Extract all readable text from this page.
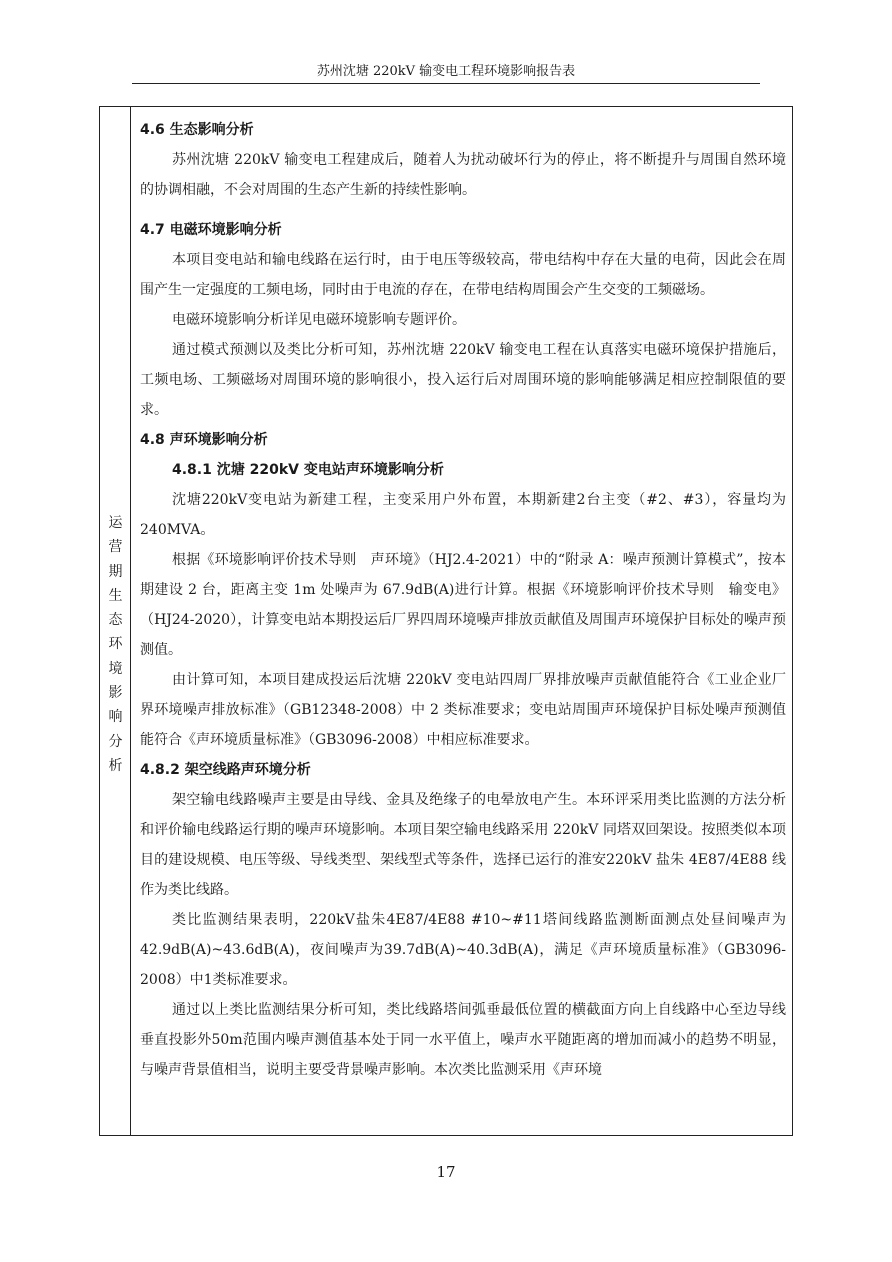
苏州沈塘 220kV 输变电工程环境影响报告表
运
营
期
生
态
环
境
影
响
分
析
4.6 生态影响分析

苏州沈塘 220kV 输变电工程建成后，随着人为扰动破坏行为的停止，将不断提升与周围自然环境的协调相融，不会对周围的生态产生新的持续性影响。

4.7 电磁环境影响分析

本项目变电站和输电线路在运行时，由于电压等级较高，带电结构中存在大量的电荷，因此会在周围产生一定强度的工频电场，同时由于电流的存在，在带电结构周围会产生交变的工频磁场。

电磁环境影响分析详见电磁环境影响专题评价。

通过模式预测以及类比分析可知，苏州沈塘 220kV 输变电工程在认真落实电磁环境保护措施后，工频电场、工频磁场对周围环境的影响很小，投入运行后对周围环境的影响能够满足相应控制限值的要求。

4.8 声环境影响分析
4.8.1 沈塘 220kV 变电站声环境影响分析

沈塘220kV变电站为新建工程，主变采用户外布置，本期新建2台主变（#2、#3），容量均为240MVA。

根据《环境影响评价技术导则　声环境》（HJ2.4-2021）中的“附录 A：噪声预测计算模式”，按本期建设 2 台，距离主变 1m 处噪声为 67.9dB(A)进行计算。根据《环境影响评价技术导则　输变电》（HJ24-2020），计算变电站本期投运后厂界四周环境噪声排放贡献值及周围声环境保护目标处的噪声预测值。

由计算可知，本项目建成投运后沈塘 220kV 变电站四周厂界排放噪声贡献值能符合《工业企业厂界环境噪声排放标准》（GB12348-2008）中 2 类标准要求；变电站周围声环境保护目标处噪声预测值能符合《声环境质量标准》（GB3096-2008）中相应标准要求。

4.8.2 架空线路声环境分析

架空输电线路噪声主要是由导线、金具及绝缘子的电晕放电产生。本环评采用类比监测的方法分析和评价输电线路运行期的噪声环境影响。本项目架空输电线路采用 220kV 同塔双回架设。按照类似本项目的建设规模、电压等级、导线类型、架线型式等条件，选择已运行的淮安220kV 盐朱 4E87/4E88 线作为类比线路。

类比监测结果表明，220kV盐朱4E87/4E88 #10~#11塔间线路监测断面测点处昼间噪声为42.9dB(A)~43.6dB(A)，夜间噪声为39.7dB(A)~40.3dB(A)，满足《声环境质量标准》（GB3096-2008）中1类标准要求。

通过以上类比监测结果分析可知，类比线路塔间弧垂最低位置的横截面方向上自线路中心至边导线垂直投影外50m范围内噪声测值基本处于同一水平值上，噪声水平随距离的增加而减小的趋势不明显，与噪声背景值相当，说明主要受背景噪声影响。本次类比监测采用《声环境

17
